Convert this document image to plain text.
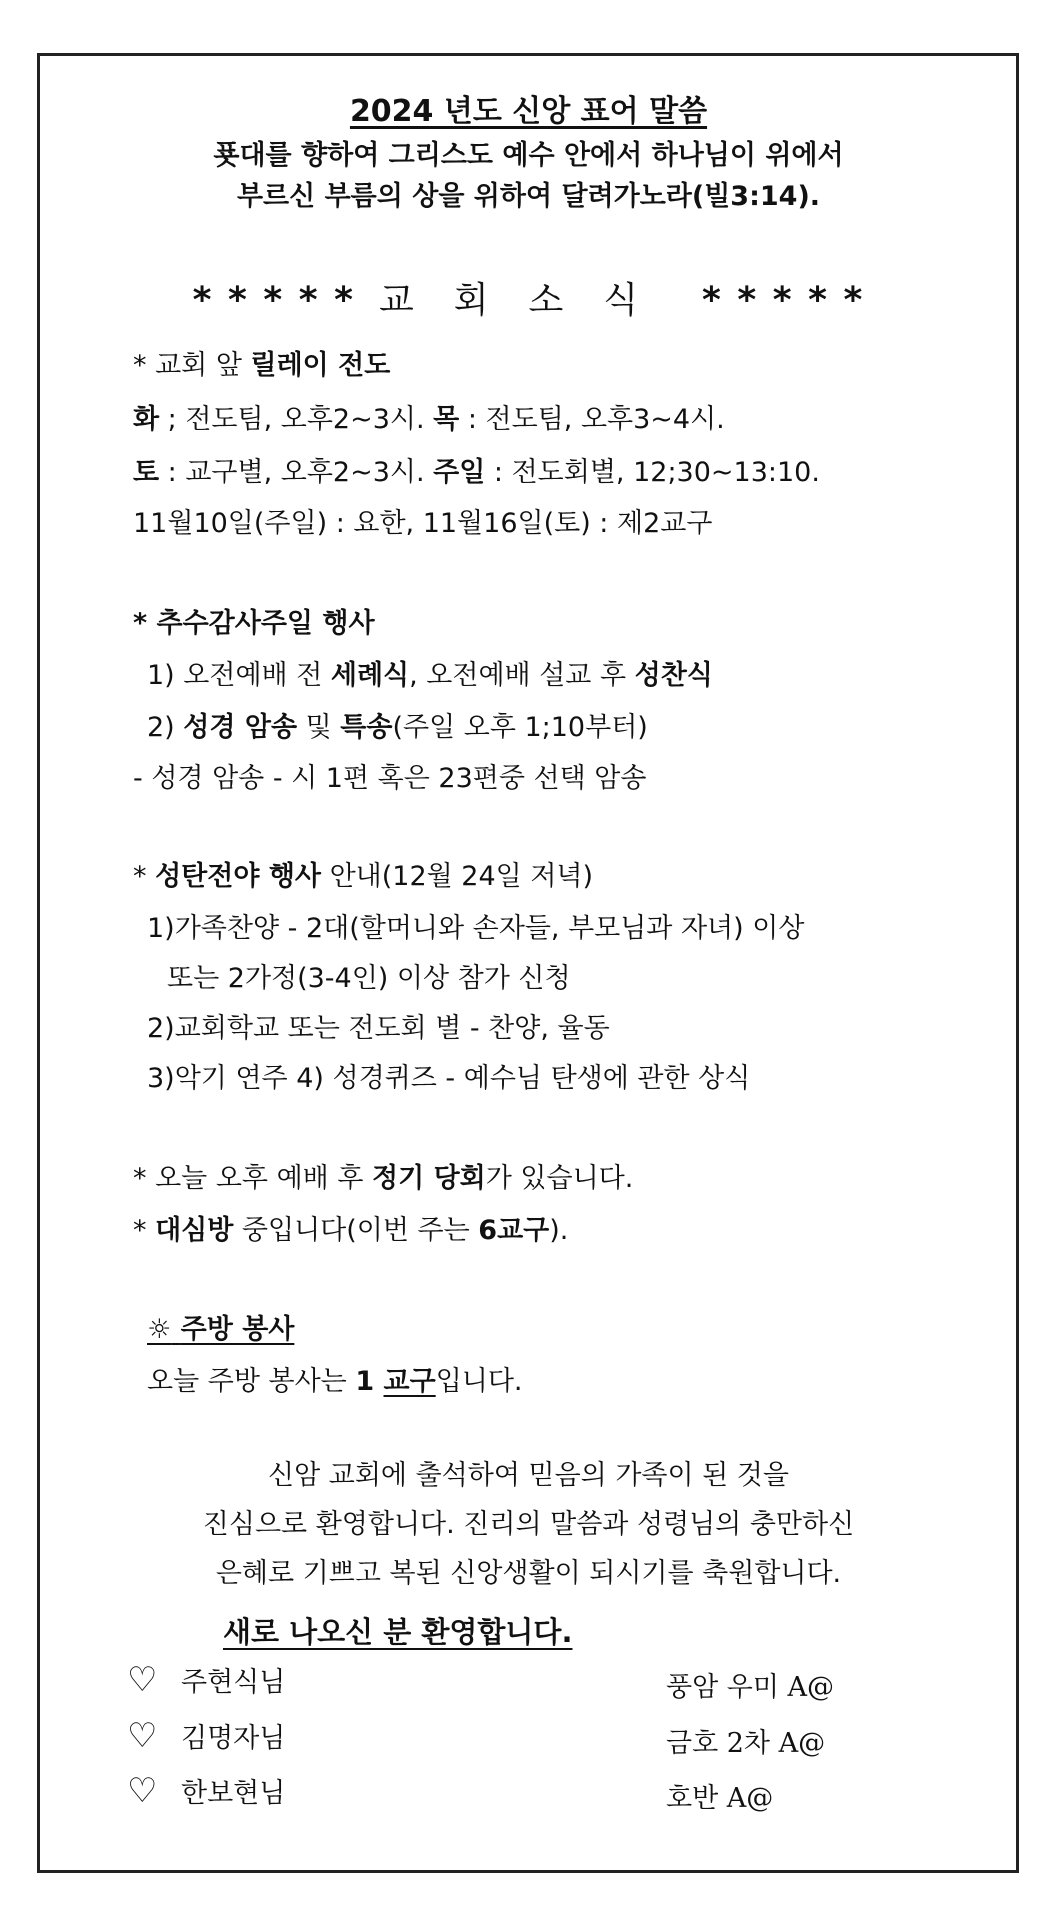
2024 년도 신앙 표어 말씀
푯대를 향하여 그리스도 예수 안에서 하나님이 위에서
부르신 부름의 상을 위하여 달려가노라(빌3:14).
* * * * * 교회소식 * * * * *
* 교회 앞 릴레이 전도
화 ; 전도팀, 오후2~3시. 목 : 전도팀, 오후3~4시.
토 : 교구별, 오후2~3시. 주일 : 전도회별, 12;30~13:10.
11월10일(주일) : 요한, 11월16일(토) : 제2교구
* 추수감사주일 행사
1) 오전예배 전 세례식, 오전예배 설교 후 성찬식
2) 성경 암송 및 특송(주일 오후 1;10부터)
- 성경 암송 - 시 1편 혹은 23편중 선택 암송
* 성탄전야 행사 안내(12월 24일 저녁)
1)가족찬양 - 2대(할머니와 손자들, 부모님과 자녀) 이상
또는 2가정(3-4인) 이상 참가 신청
2)교회학교 또는 전도회 별 - 찬양, 율동
3)악기 연주 4) 성경퀴즈 - 예수님 탄생에 관한 상식
* 오늘 오후 예배 후 정기 당회가 있습니다.
* 대심방 중입니다(이번 주는 6교구).
☼ 주방 봉사
오늘 주방 봉사는 1 교구입니다.
신암 교회에 출석하여 믿음의 가족이 된 것을
진심으로 환영합니다. 진리의 말씀과 성령님의 충만하신
은혜로 기쁘고 복된 신앙생활이 되시기를 축원합니다.
새로 나오신 분 환영합니다.
♡ 주현식님	풍암 우미 A@
♡ 김명자님	금호 2차 A@
♡ 한보현님	호반 A@
